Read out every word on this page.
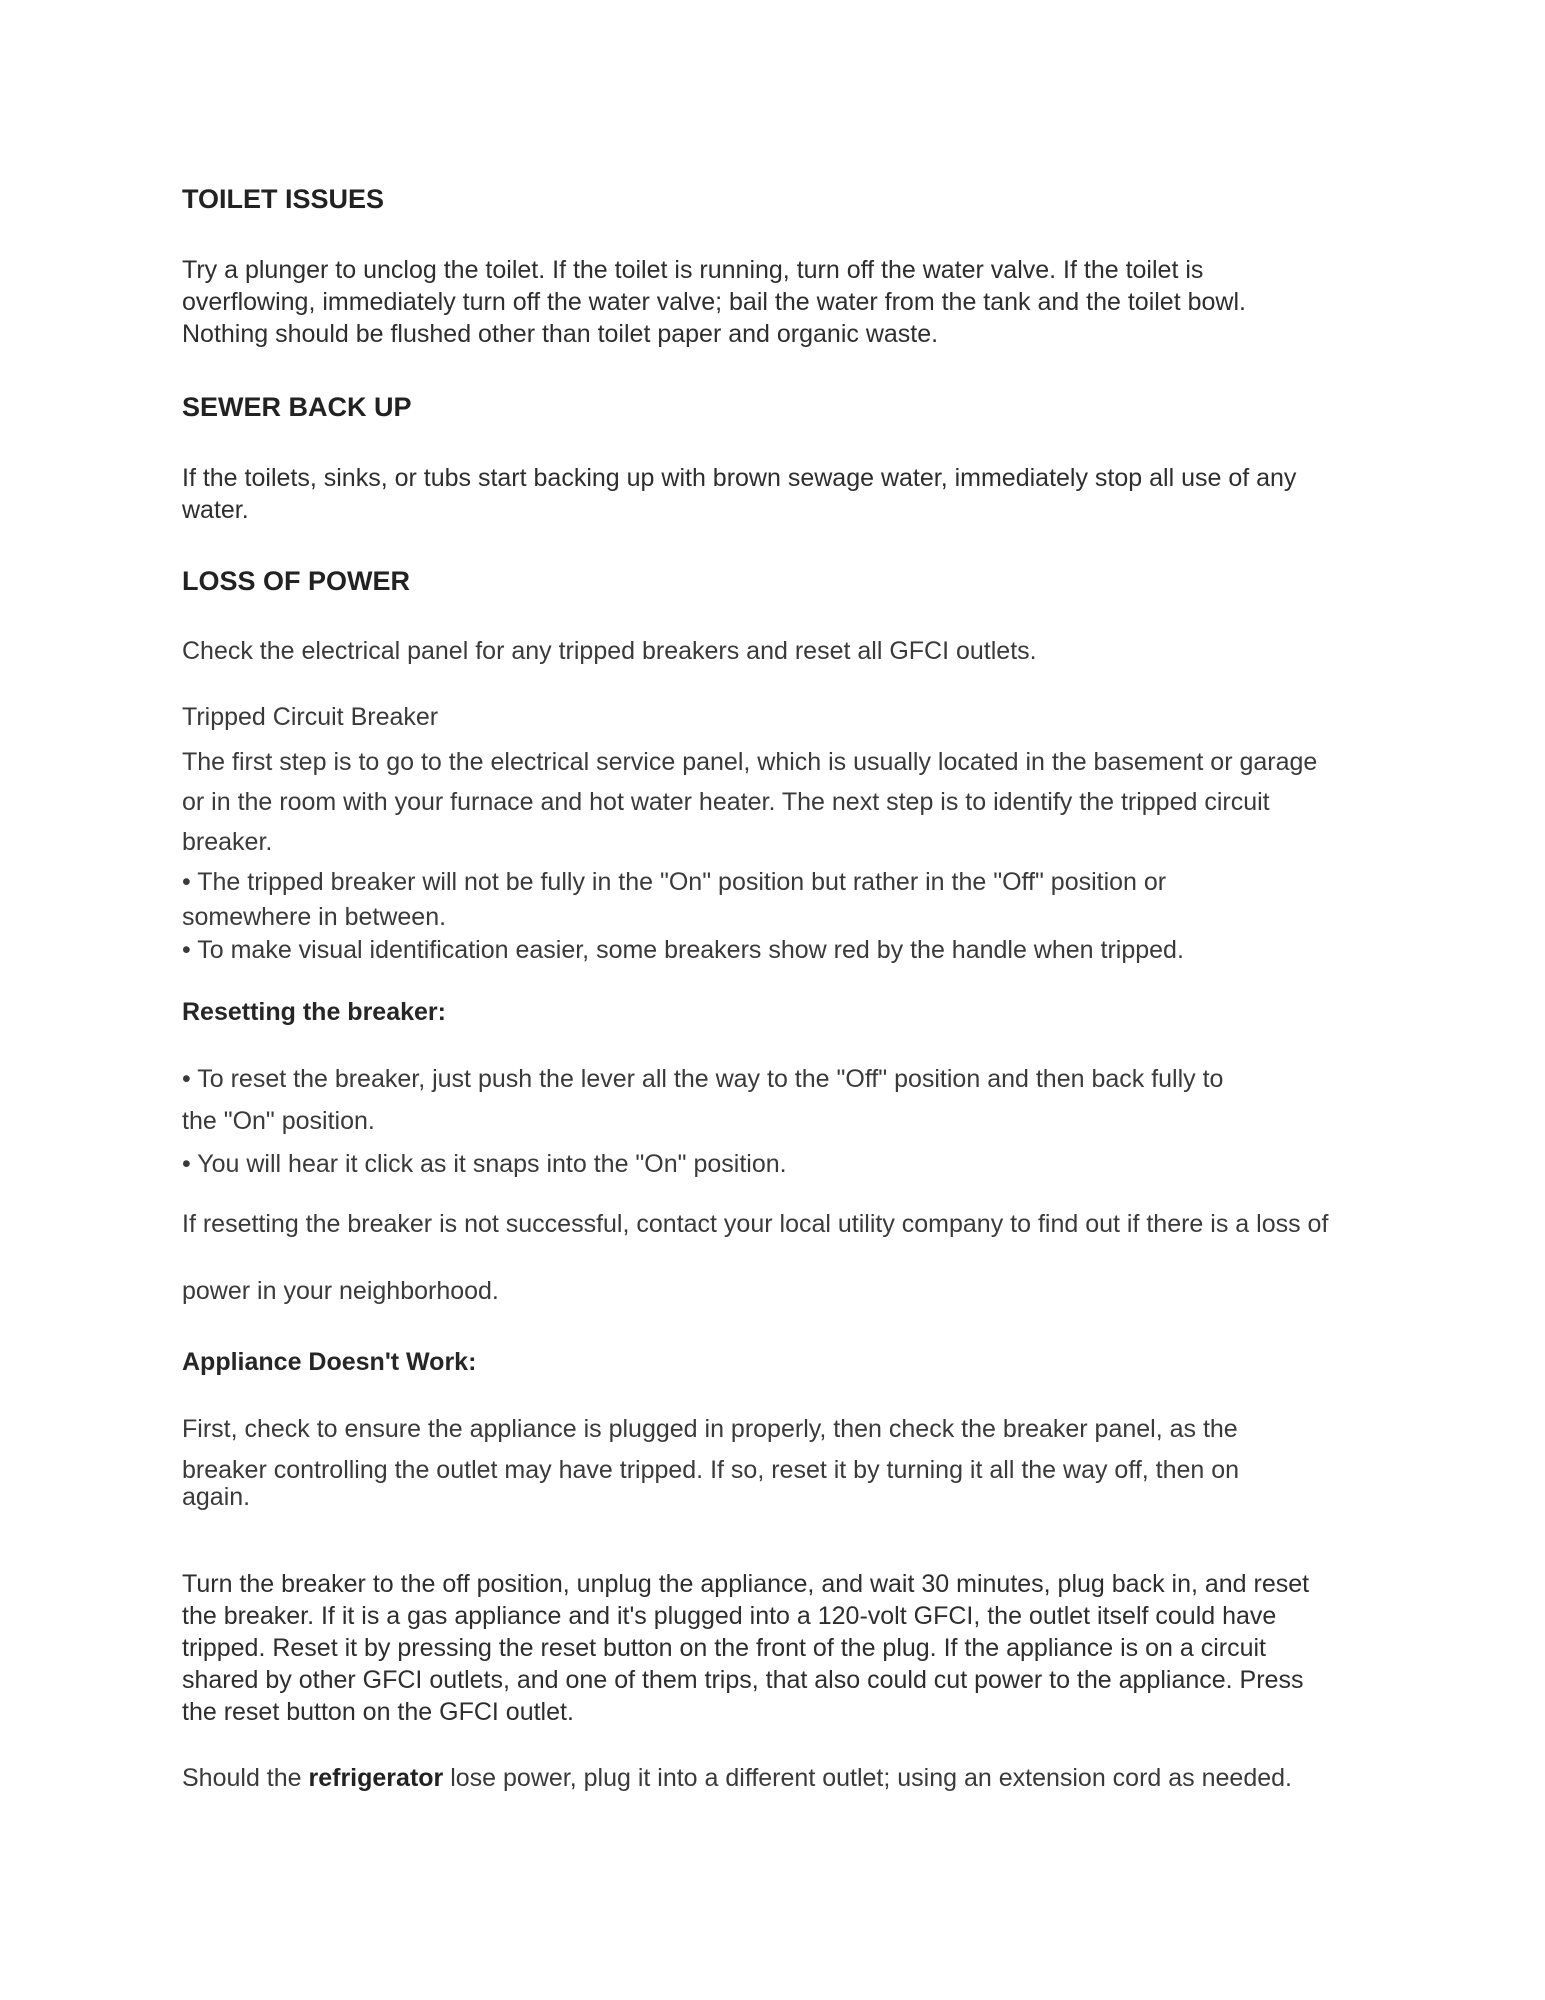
TOILET ISSUES
Try a plunger to unclog the toilet. If the toilet is running, turn off the water valve. If the toilet is
overflowing, immediately turn off the water valve; bail the water from the tank and the toilet bowl.
Nothing should be flushed other than toilet paper and organic waste.
SEWER BACK UP
If the toilets, sinks, or tubs start backing up with brown sewage water, immediately stop all use of any
water.
LOSS OF POWER
Check the electrical panel for any tripped breakers and reset all GFCI outlets.
Tripped Circuit Breaker
The first step is to go to the electrical service panel, which is usually located in the basement or garage
or in the room with your furnace and hot water heater. The next step is to identify the tripped circuit
breaker.
• The tripped breaker will not be fully in the "On" position but rather in the "Off" position or
somewhere in between.
• To make visual identification easier, some breakers show red by the handle when tripped.
Resetting the breaker:
• To reset the breaker, just push the lever all the way to the "Off" position and then back fully to
the "On" position.
• You will hear it click as it snaps into the "On" position.
If resetting the breaker is not successful, contact your local utility company to find out if there is a loss of
power in your neighborhood.
Appliance Doesn't Work:
First, check to ensure the appliance is plugged in properly, then check the breaker panel, as the
breaker controlling the outlet may have tripped. If so, reset it by turning it all the way off, then on
again.
Turn the breaker to the off position, unplug the appliance, and wait 30 minutes, plug back in, and reset
the breaker. If it is a gas appliance and it's plugged into a 120-volt GFCI, the outlet itself could have
tripped. Reset it by pressing the reset button on the front of the plug. If the appliance is on a circuit
shared by other GFCI outlets, and one of them trips, that also could cut power to the appliance. Press
the reset button on the GFCI outlet.
Should the refrigerator lose power, plug it into a different outlet; using an extension cord as needed.
